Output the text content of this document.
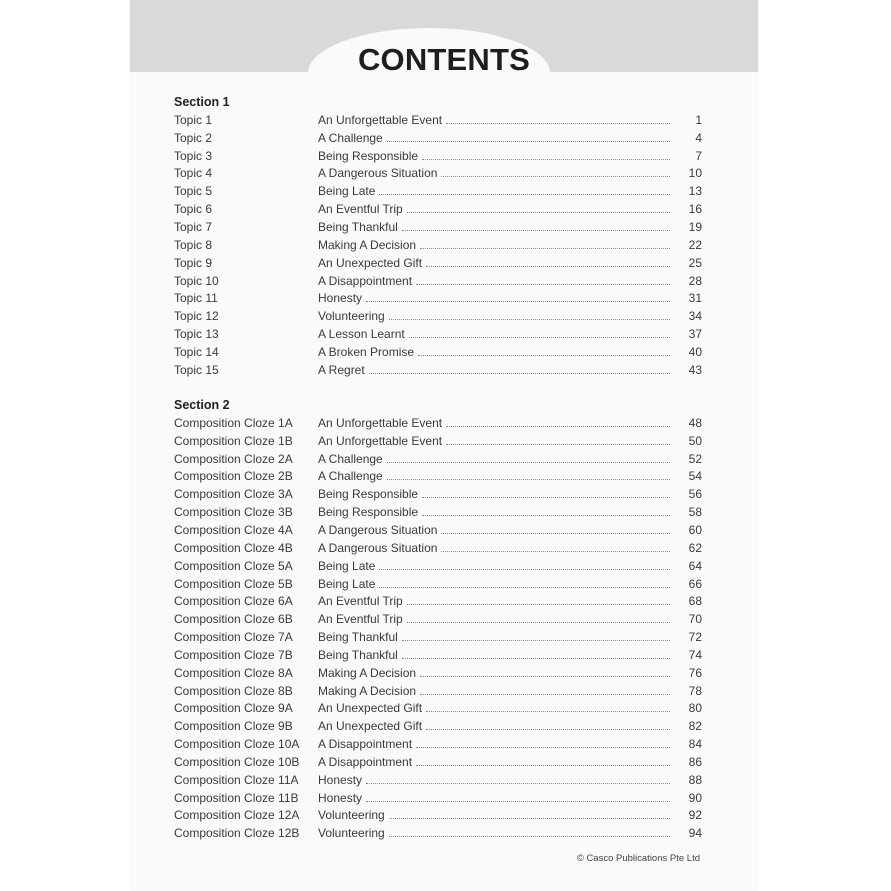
CONTENTS
Section 1
Topic 1	An Unforgettable Event	1
Topic 2	A Challenge	4
Topic 3	Being Responsible	7
Topic 4	A Dangerous Situation	10
Topic 5	Being Late	13
Topic 6	An Eventful Trip	16
Topic 7	Being Thankful	19
Topic 8	Making A Decision	22
Topic 9	An Unexpected Gift	25
Topic 10	A Disappointment	28
Topic 11	Honesty	31
Topic 12	Volunteering	34
Topic 13	A Lesson Learnt	37
Topic 14	A Broken Promise	40
Topic 15	A Regret	43
Section 2
Composition Cloze 1A	An Unforgettable Event	48
Composition Cloze 1B	An Unforgettable Event	50
Composition Cloze 2A	A Challenge	52
Composition Cloze 2B	A Challenge	54
Composition Cloze 3A	Being Responsible	56
Composition Cloze 3B	Being Responsible	58
Composition Cloze 4A	A Dangerous Situation	60
Composition Cloze 4B	A Dangerous Situation	62
Composition Cloze 5A	Being Late	64
Composition Cloze 5B	Being Late	66
Composition Cloze 6A	An Eventful Trip	68
Composition Cloze 6B	An Eventful Trip	70
Composition Cloze 7A	Being Thankful	72
Composition Cloze 7B	Being Thankful	74
Composition Cloze 8A	Making A Decision	76
Composition Cloze 8B	Making A Decision	78
Composition Cloze 9A	An Unexpected Gift	80
Composition Cloze 9B	An Unexpected Gift	82
Composition Cloze 10A	A Disappointment	84
Composition Cloze 10B	A Disappointment	86
Composition Cloze 11A	Honesty	88
Composition Cloze 11B	Honesty	90
Composition Cloze 12A	Volunteering	92
Composition Cloze 12B	Volunteering	94
© Casco Publications Pte Ltd
